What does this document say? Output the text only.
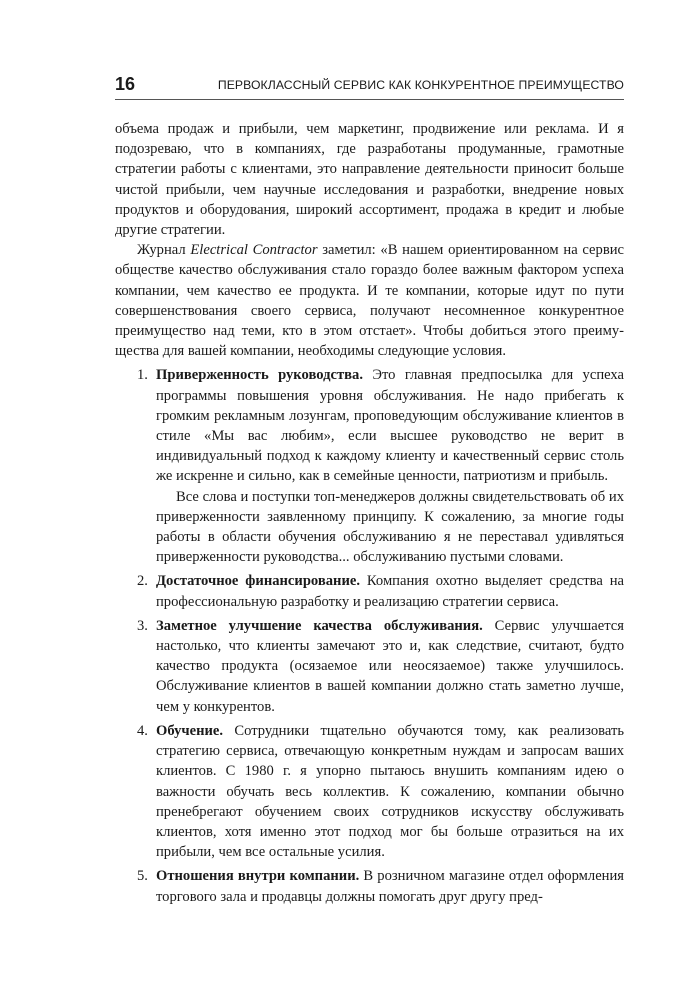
16	ПЕРВОКЛАССНЫЙ СЕРВИС КАК КОНКУРЕНТНОЕ ПРЕИМУЩЕСТВО

объема продаж и прибыли, чем маркетинг, продвижение или реклама. И я подозреваю, что в компаниях, где разработаны продуманные, грамотные стратегии работы с клиентами, это направление деятельности приносит больше чистой прибыли, чем научные исследования и разработки, внедрение новых продуктов и оборудования, широкий ассортимент, продажа в кредит и любые другие стратегии.

Журнал Electrical Contractor заметил: «В нашем ориентированном на сервис обществе качество обслуживания стало гораздо более важным фактором успеха компании, чем качество ее продукта. И те компании, которые идут по пути совершенствования своего сервиса, получают несомненное конкурентное преимущество над теми, кто в этом отстает». Чтобы добиться этого преимущества для вашей компании, необходимы следующие условия.

1. Приверженность руководства. Это главная предпосылка для успеха программы повышения уровня обслуживания. Не надо прибегать к громким рекламным лозунгам, проповедующим обслуживание клиентов в стиле «Мы вас любим», если высшее руководство не верит в индивидуальный подход к каждому клиенту и качественный сервис столь же искренне и сильно, как в семейные ценности, патриотизм и прибыль.

Все слова и поступки топ-менеджеров должны свидетельствовать об их приверженности заявленному принципу. К сожалению, за многие годы работы в области обучения обслуживанию я не переставал удивляться приверженности руководства... обслуживанию пустыми словами.

2. Достаточное финансирование. Компания охотно выделяет средства на профессиональную разработку и реализацию стратегии сервиса.
3. Заметное улучшение качества обслуживания. Сервис улучшается настолько, что клиенты замечают это и, как следствие, считают, будто качество продукта (осязаемое или неосязаемое) также улучшилось. Обслуживание клиентов в вашей компании должно стать заметно лучше, чем у конкурентов.
4. Обучение. Сотрудники тщательно обучаются тому, как реализовать стратегию сервиса, отвечающую конкретным нуждам и запросам ваших клиентов. С 1980 г. я упорно пытаюсь внушить компаниям идею о важности обучать весь коллектив. К сожалению, компании обычно пренебрегают обучением своих сотрудников искусству обслуживать клиентов, хотя именно этот подход мог бы больше отразиться на их прибыли, чем все остальные усилия.
5. Отношения внутри компании. В розничном магазине отдел оформления торгового зала и продавцы должны помогать друг другу пред-
